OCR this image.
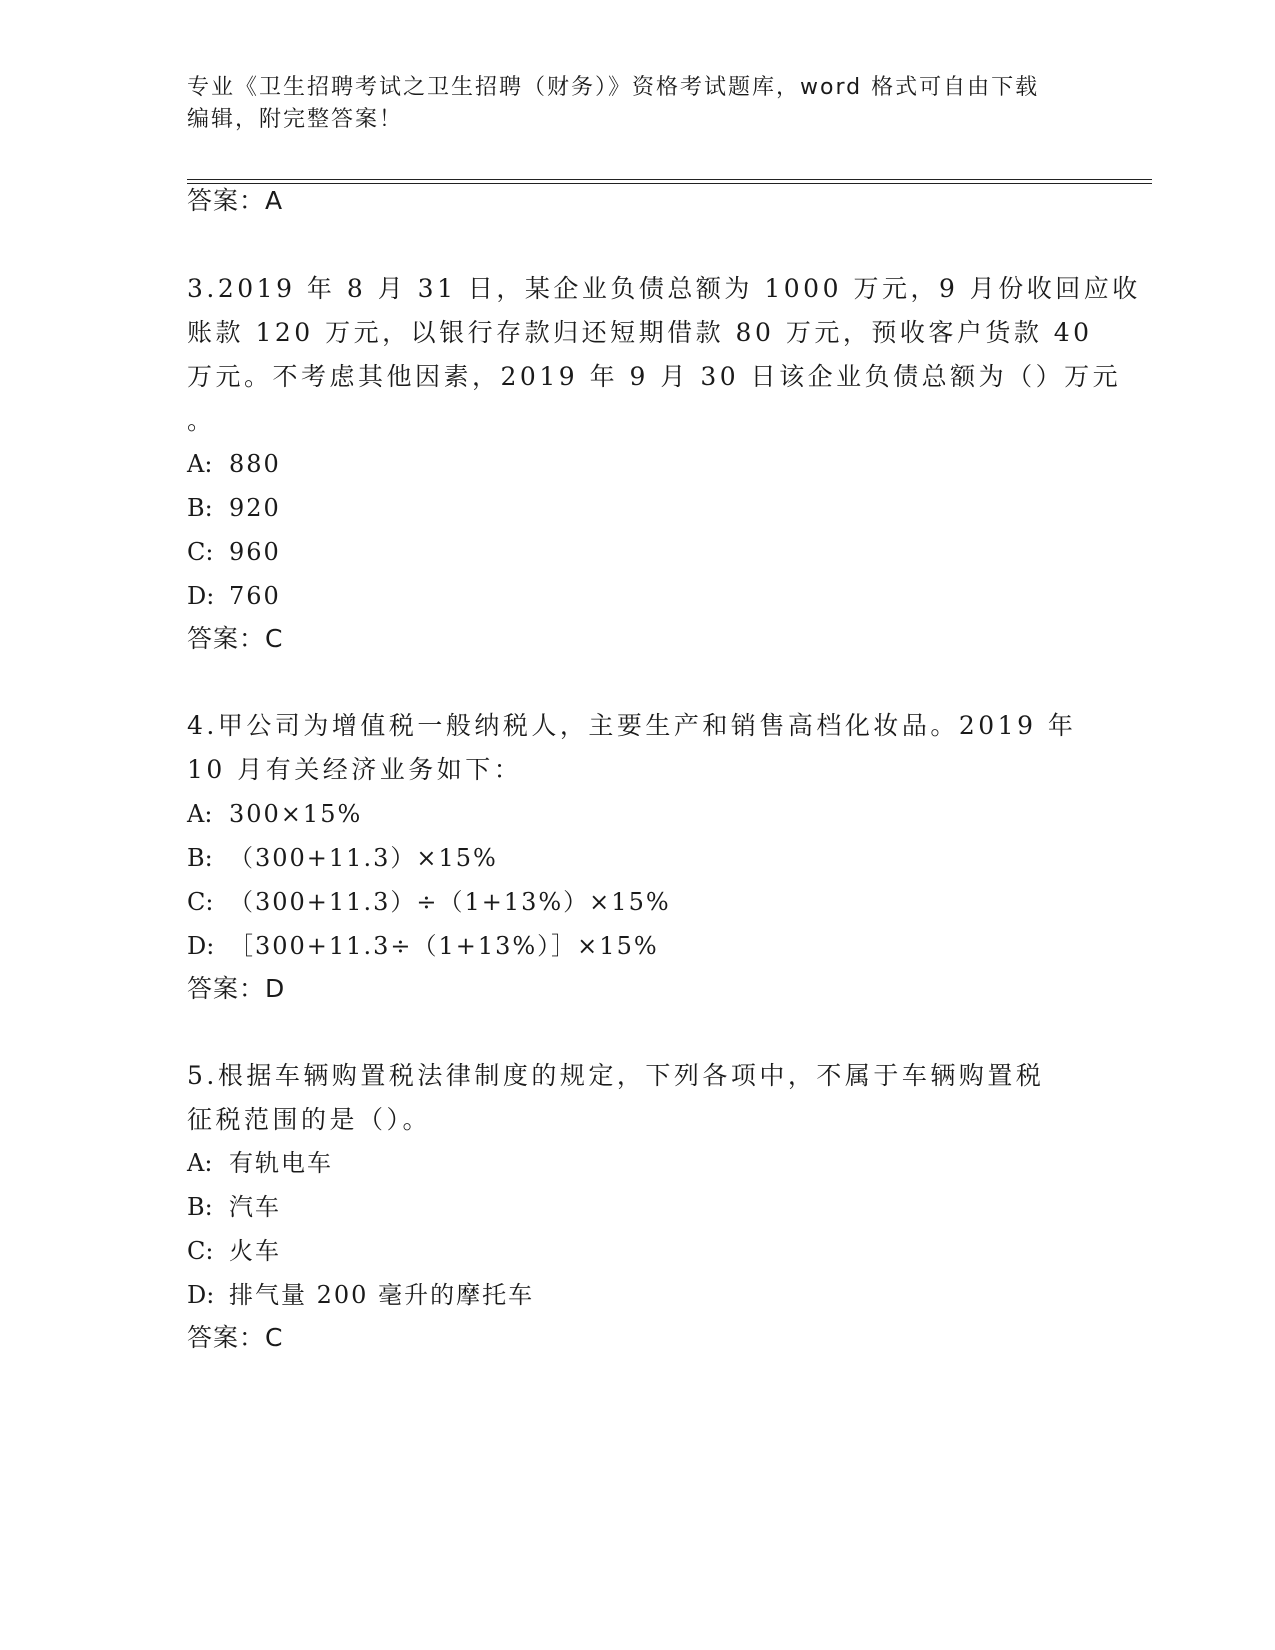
专业《卫生招聘考试之卫生招聘（财务）》资格考试题库，word 格式可自由下载
编辑，附完整答案！
答案：A
3.2019 年 8 月 31 日，某企业负债总额为 1000 万元，9 月份收回应收
账款 120 万元，以银行存款归还短期借款 80 万元，预收客户货款 40
万元。不考虑其他因素，2019 年 9 月 30 日该企业负债总额为（）万元
。
A: 880
B: 920
C: 960
D: 760
答案：C
4.甲公司为增值税一般纳税人，主要生产和销售高档化妆品。2019 年
10 月有关经济业务如下：
A: 300×15%
B: （300+11.3）×15%
C: （300+11.3）÷（1+13%）×15%
D: ［300+11.3÷（1+13%）］×15%
答案：D
5.根据车辆购置税法律制度的规定，下列各项中，不属于车辆购置税
征税范围的是（）。
A: 有轨电车
B: 汽车
C: 火车
D: 排气量 200 毫升的摩托车
答案：C
